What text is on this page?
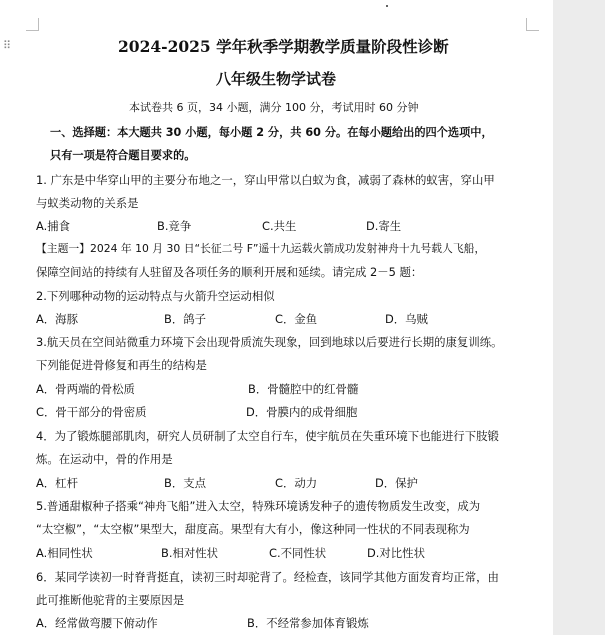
⠿	2024-2025 学年秋季学期教学质量阶段性诊断
八年级生物学试卷
本试卷共 6 页，34 小题，满分 100 分，考试用时 60 分钟
一、选择题：本大题共 30 小题，每小题 2 分，共 60 分。在每小题给出的四个选项中，
只有一项是符合题目要求的。
1. 广东是中华穿山甲的主要分布地之一，穿山甲常以白蚁为食，减弱了森林的蚁害，穿山甲
与蚁类动物的关系是
A.捕食	B.竞争	C.共生	D.寄生
【主题一】2024 年 10 月 30 日“长征二号 F”遥十九运载火箭成功发射神舟十九号载人飞船，
保障空间站的持续有人驻留及各项任务的顺利开展和延续。请完成 2－5 题：
2.下列哪种动物的运动特点与火箭升空运动相似
A．海豚	B．鸽子	C．金鱼	D．乌贼
3.航天员在空间站微重力环境下会出现骨质流失现象，回到地球以后要进行长期的康复训练。
下列能促进骨修复和再生的结构是
A．骨两端的骨松质	B．骨髓腔中的红骨髓
C．骨干部分的骨密质	D．骨膜内的成骨细胞
4．为了锻炼腿部肌肉，研究人员研制了太空自行车，使宇航员在失重环境下也能进行下肢锻
炼。在运动中，骨的作用是
A．杠杆	B．支点	C．动力	D．保护
5.普通甜椒种子搭乘“神舟飞船”进入太空，特殊环境诱发种子的遗传物质发生改变，成为
“太空椒”，“太空椒”果型大，甜度高。果型有大有小，像这种同一性状的不同表现称为
A.相同性状	B.相对性状	C.不同性状	D.对比性状
6．某同学读初一时脊背挺直，读初三时却驼背了。经检查，该同学其他方面发育均正常，由
此可推断他驼背的主要原因是
A．经常做弯腰下俯动作	B．不经常参加体育锻炼
